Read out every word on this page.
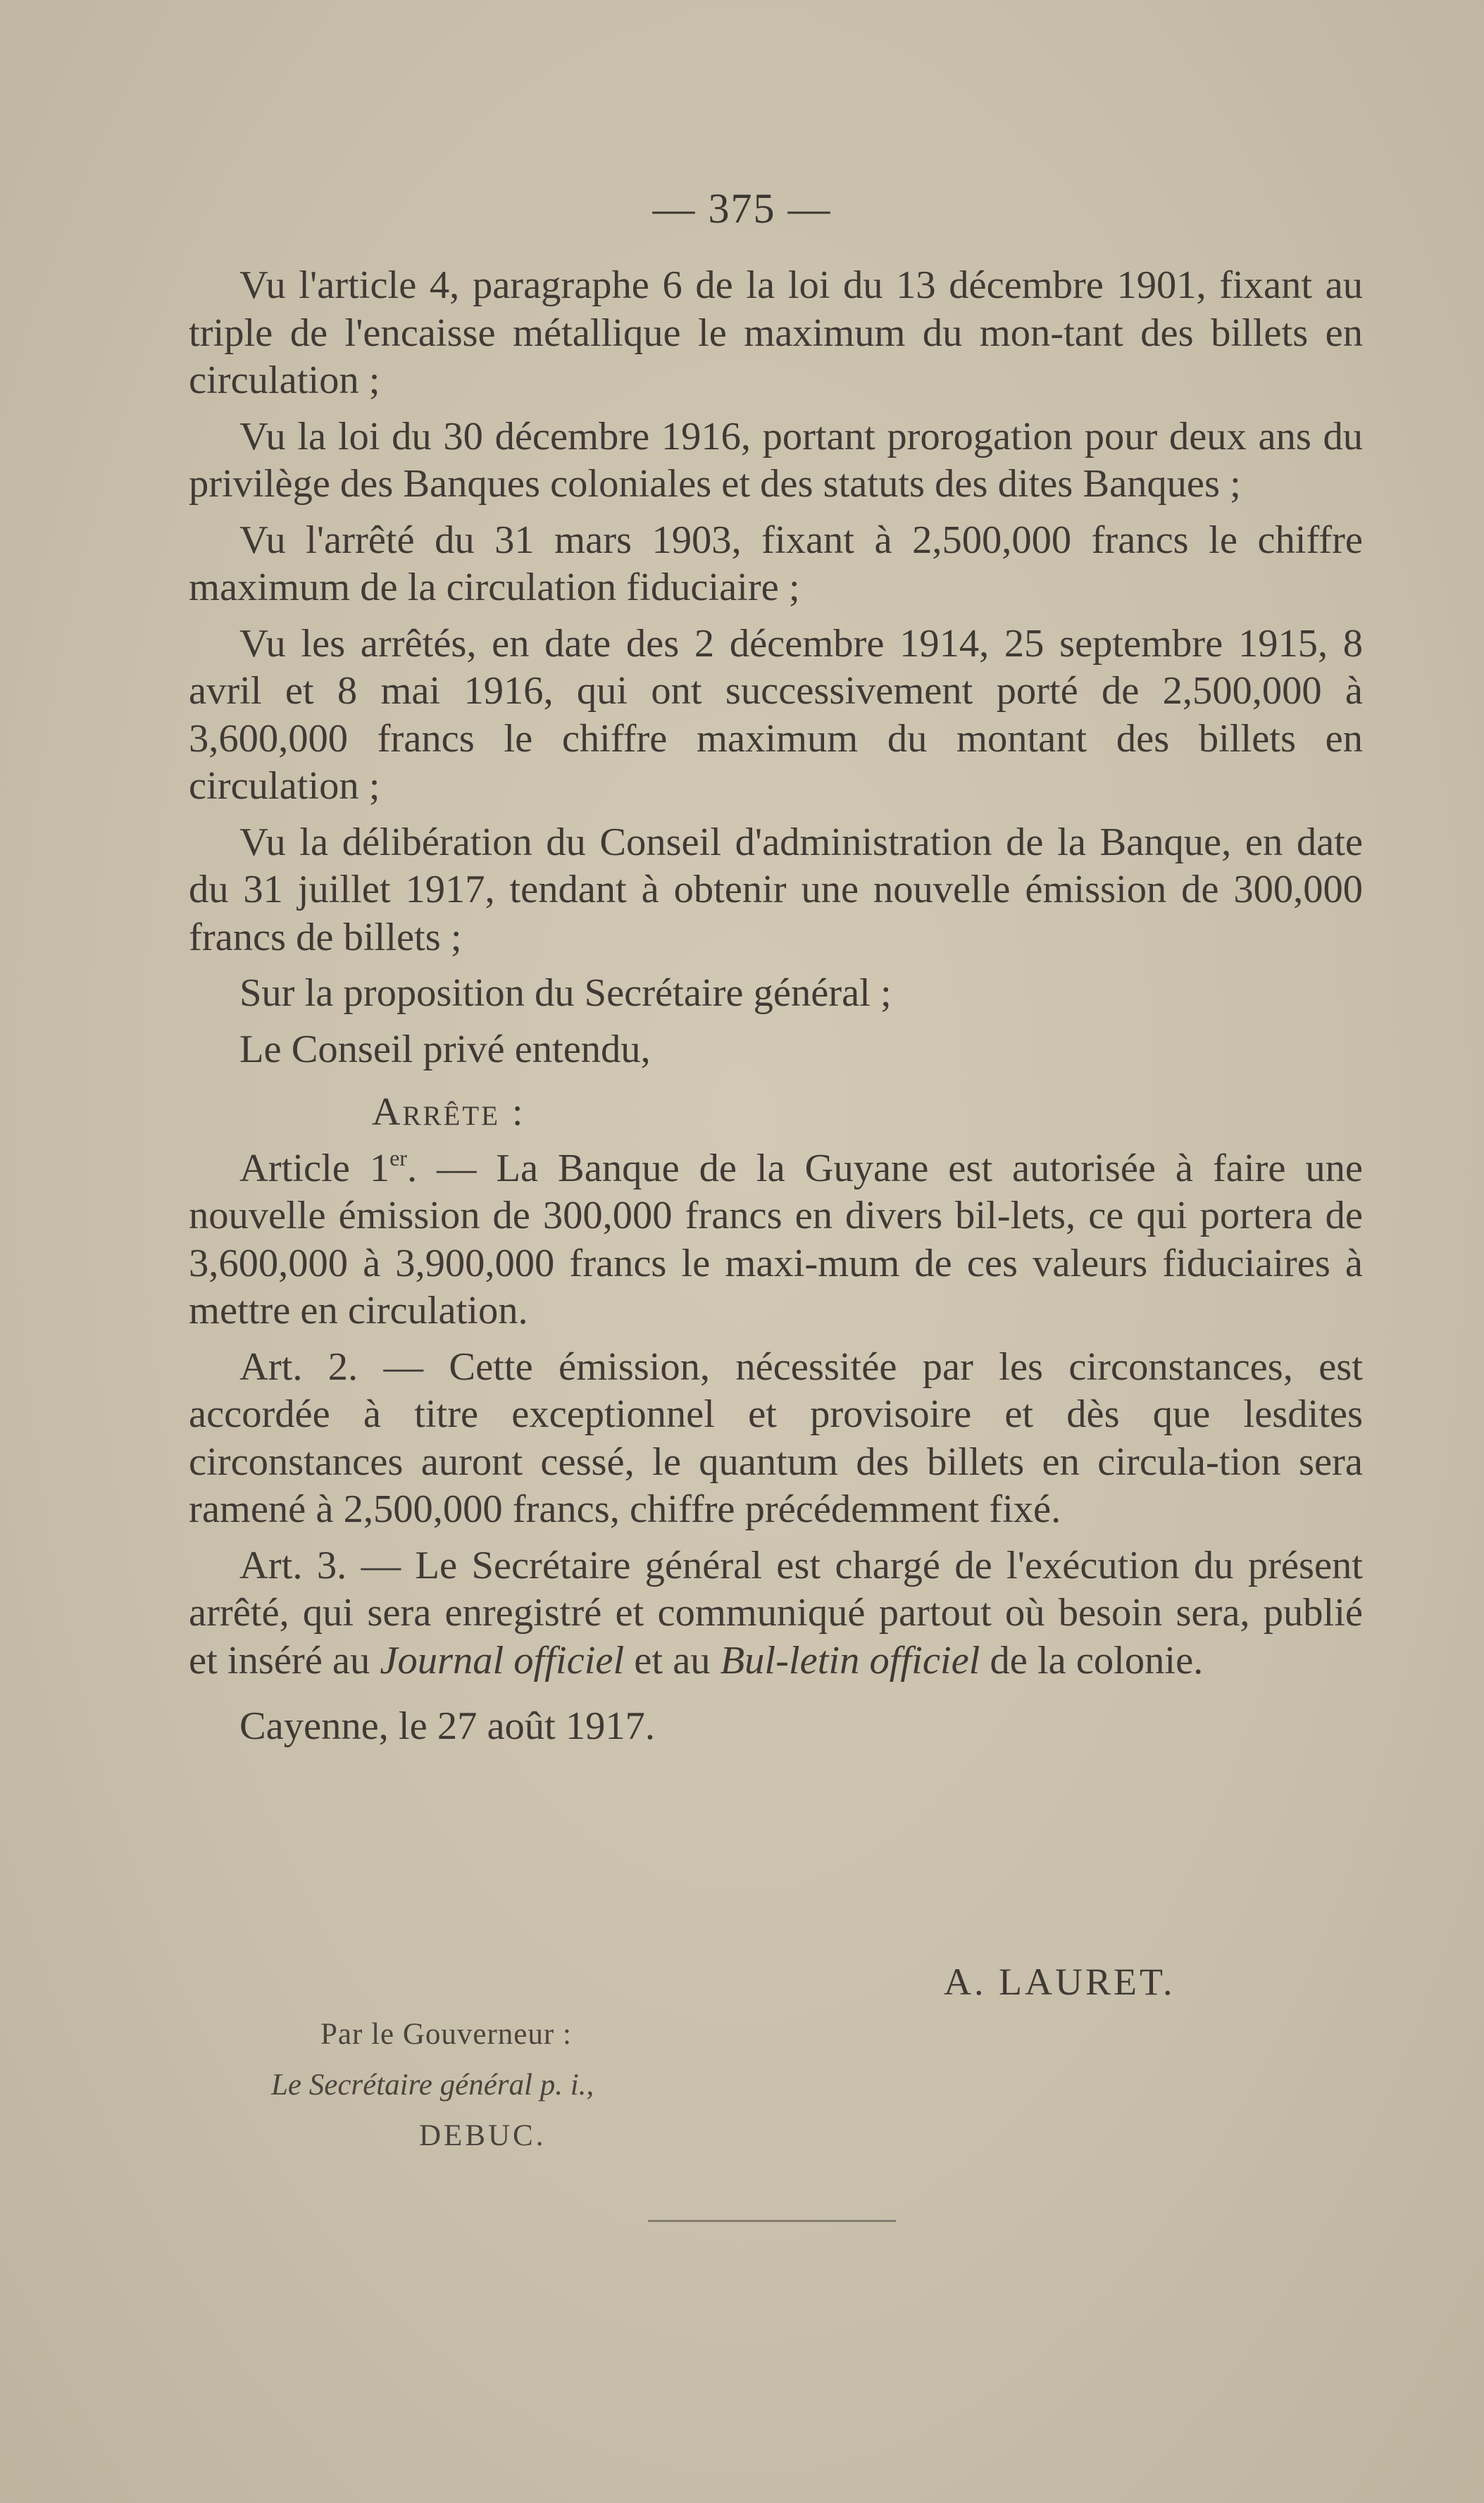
— 375 —

Vu l'article 4, paragraphe 6 de la loi du 13 décembre 1901, fixant au triple de l'encaisse métallique le maximum du mon-tant des billets en circulation ;

Vu la loi du 30 décembre 1916, portant prorogation pour deux ans du privilège des Banques coloniales et des statuts des dites Banques ;

Vu l'arrêté du 31 mars 1903, fixant à 2,500,000 francs le chiffre maximum de la circulation fiduciaire ;

Vu les arrêtés, en date des 2 décembre 1914, 25 septembre 1915, 8 avril et 8 mai 1916, qui ont successivement porté de 2,500,000 à 3,600,000 francs le chiffre maximum du montant des billets en circulation ;

Vu la délibération du Conseil d'administration de la Banque, en date du 31 juillet 1917, tendant à obtenir une nouvelle émission de 300,000 francs de billets ;

Sur la proposition du Secrétaire général ;

Le Conseil privé entendu,

Arrête :

Article 1er. — La Banque de la Guyane est autorisée à faire une nouvelle émission de 300,000 francs en divers bil-lets, ce qui portera de 3,600,000 à 3,900,000 francs le maxi-mum de ces valeurs fiduciaires à mettre en circulation.

Art. 2. — Cette émission, nécessitée par les circonstances, est accordée à titre exceptionnel et provisoire et dès que lesdites circonstances auront cessé, le quantum des billets en circula-tion sera ramené à 2,500,000 francs, chiffre précédemment fixé.

Art. 3. — Le Secrétaire général est chargé de l'exécution du présent arrêté, qui sera enregistré et communiqué partout où besoin sera, publié et inséré au Journal officiel et au Bul-letin officiel de la colonie.

Cayenne, le 27 août 1917.

A. LAURET.
Par le Gouverneur :
Le Secrétaire général p. i.,
DEBUC.
